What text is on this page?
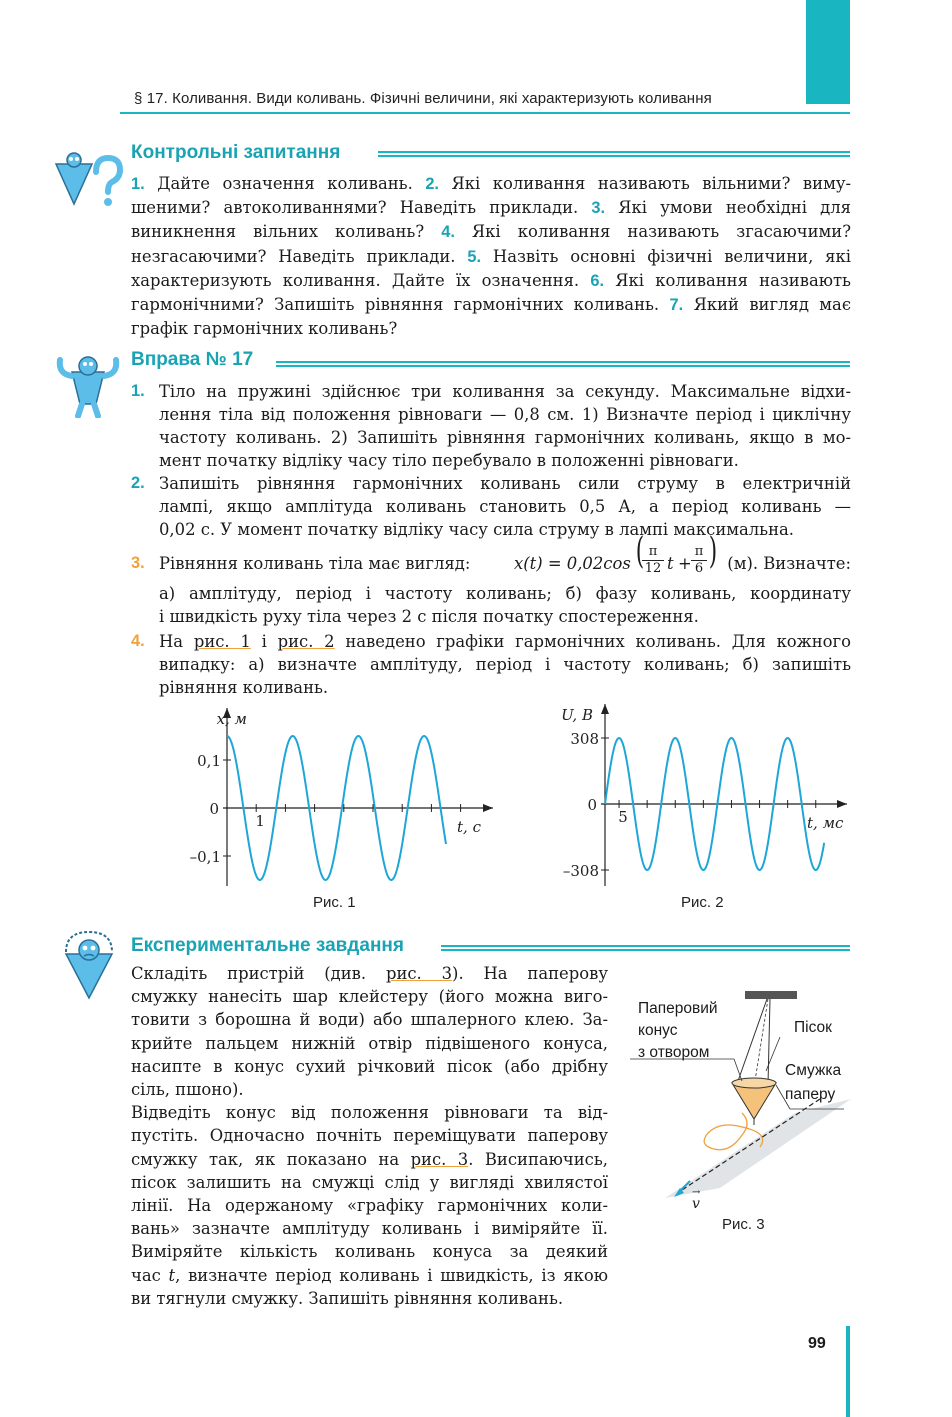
§ 17. Коливання. Види коливань. Фізичні величини, які характеризують коливання
Контрольні запитання
1. Дайте означення коливань. 2. Які коливання називають вільними? виму-
шеними? автоколиваннями? Наведіть приклади. 3. Які умови необхідні для
виникнення вільних коливань? 4. Які коливання називають згасаючими?
незгасаючими? Наведіть приклади. 5. Назвіть основні фізичні величини, які
характеризують коливання. Дайте їх означення. 6. Які коливання називають
гармонічними? Запишіть рівняння гармонічних коливань. 7. Який вигляд має
графік гармонічних коливань?
Вправа № 17
1. Тіло на пружині здійснює три коливання за секунду. Максимальне відхи-
лення тіла від положення рівноваги — 0,8 см. 1) Визначте період і циклічну
частоту коливань. 2) Запишіть рівняння гармонічних коливань, якщо в мо-
мент початку відліку часу тіло перебувало в положенні рівноваги.
2. Запишіть рівняння гармонічних коливань сили струму в електричній
лампі, якщо амплітуда коливань становить 0,5 А, а період коливань —
0,02 с. У момент початку відліку часу сила струму в лампі максимальна.
3. Рівняння коливань тіла має вигляд:	x(t) = 0,02cos (
$\frac{\pi}{12}$ $t + \frac{\pi}{6}$ ) (м). Визначте:
а) амплітуду, період і частоту коливань; б) фазу коливань, координату
і швидкість руху тіла через 2 с після початку спостереження.
4. На рис. 1 і рис. 2 наведено графіки гармонічних коливань. Для кожного
випадку: а) визначте амплітуду, період і частоту коливань; б) запишіть
рівняння коливань.
x, м
t, с
0
0,1
–0,1
1
Рис. 1
U, В
t, мс
0
308
–308
5
Рис. 2
Експериментальне завдання
Складіть пристрій (див. рис. 3). На паперову
смужку нанесіть шар клейстеру (його можна виго-
товити з борошна й води) або шпалерного клею. За-
крийте пальцем нижній отвір підвішеного конуса,
насипте в конус сухий річковий пісок (або дрібну
сіль, пшоно).
Відведіть конус від положення рівноваги та від-
пустіть. Одночасно почніть переміщувати паперову
смужку так, як показано на рис. 3. Висипаючись,
пісок залишить на смужці слід у вигляді хвилястої
лінії. На одержаному «графіку гармонічних коли-
вань» зазначте амплітуду коливань і виміряйте її.
Виміряйте кількість коливань конуса за деякий
час t, визначте період коливань і швидкість, із якою
ви тягнули смужку. Запишіть рівняння коливань.
Паперовий
конус
з отвором
Пісок
Смужка
паперу
→
v
Рис. 3
99
